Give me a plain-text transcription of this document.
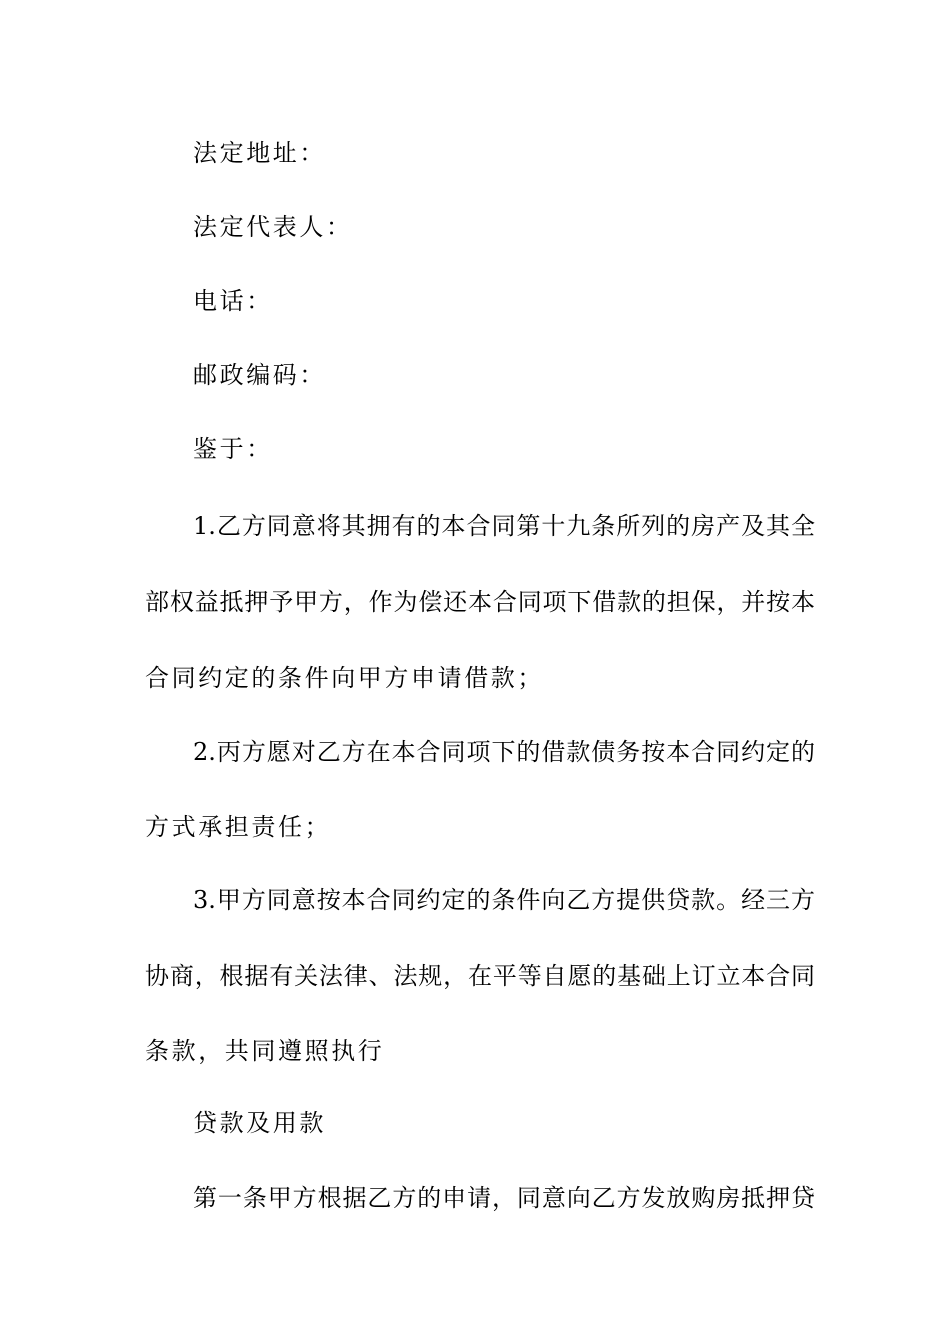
法定地址：
法定代表人：
电话：
邮政编码：
鉴于：
1.乙方同意将其拥有的本合同第十九条所列的房产及其全
部权益抵押予甲方，作为偿还本合同项下借款的担保，并按本
合同约定的条件向甲方申请借款；
2.丙方愿对乙方在本合同项下的借款债务按本合同约定的
方式承担责任；
3.甲方同意按本合同约定的条件向乙方提供贷款。经三方
协商，根据有关法律、法规，在平等自愿的基础上订立本合同
条款，共同遵照执行
贷款及用款
第一条甲方根据乙方的申请，同意向乙方发放购房抵押贷
